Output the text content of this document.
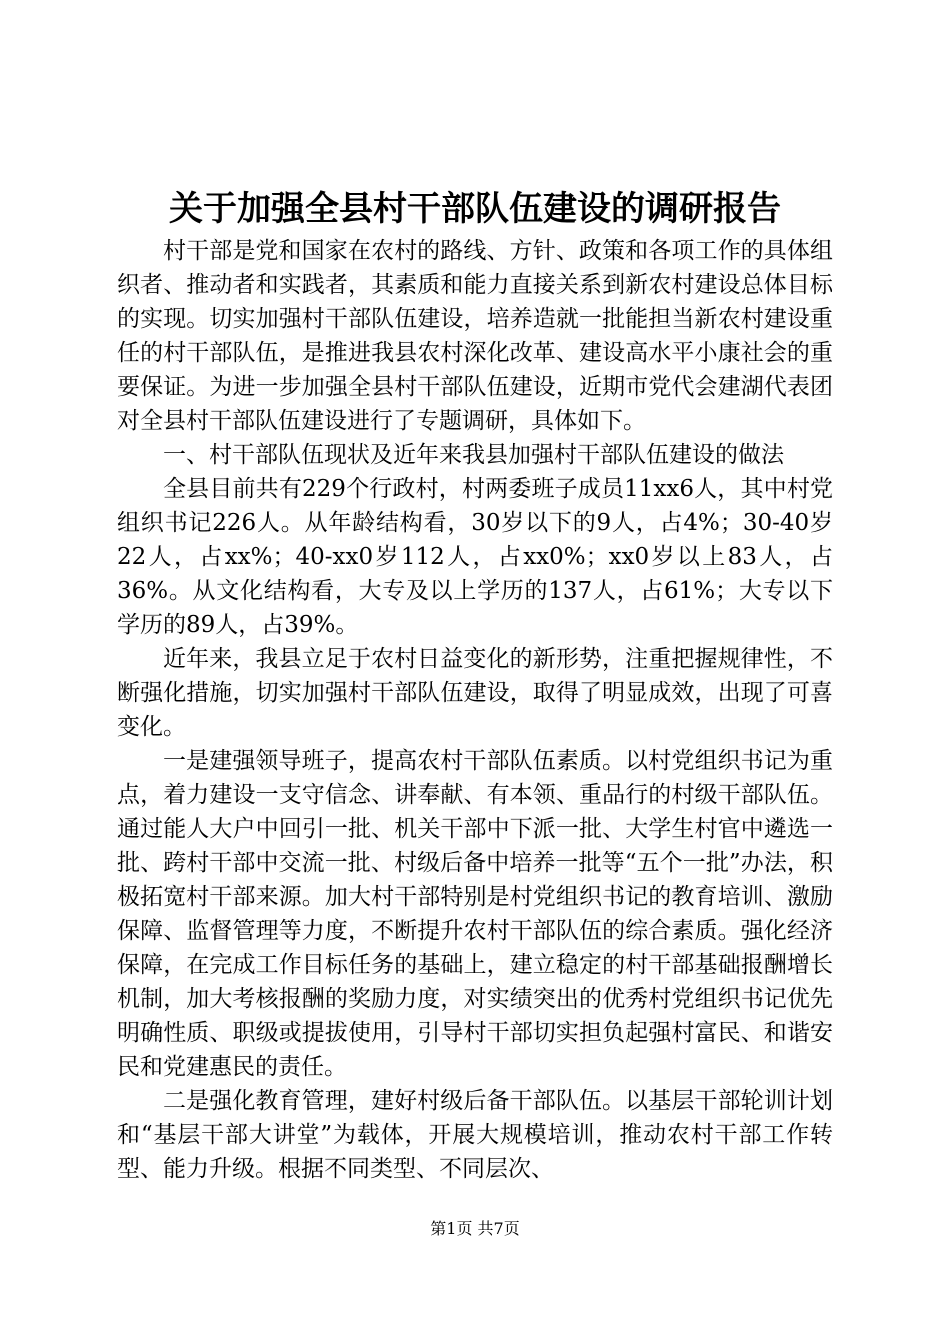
关于加强全县村干部队伍建设的调研报告

村干部是党和国家在农村的路线、方针、政策和各项工作的具体组织者、推动者和实践者，其素质和能力直接关系到新农村建设总体目标的实现。切实加强村干部队伍建设，培养造就一批能担当新农村建设重任的村干部队伍，是推进我县农村深化改革、建设高水平小康社会的重要保证。为进一步加强全县村干部队伍建设，近期市党代会建湖代表团对全县村干部队伍建设进行了专题调研，具体如下。

一、村干部队伍现状及近年来我县加强村干部队伍建设的做法

全县目前共有229个行政村，村两委班子成员11xx6人，其中村党组织书记226人。从年龄结构看，30岁以下的9人，占4%；30-40岁22人，占xx%；40-xx0岁112人，占xx0%；xx0岁以上83人，占36%。从文化结构看，大专及以上学历的137人，占61%；大专以下学历的89人，占39%。

近年来，我县立足于农村日益变化的新形势，注重把握规律性，不断强化措施，切实加强村干部队伍建设，取得了明显成效，出现了可喜变化。

一是建强领导班子，提高农村干部队伍素质。以村党组织书记为重点，着力建设一支守信念、讲奉献、有本领、重品行的村级干部队伍。通过能人大户中回引一批、机关干部中下派一批、大学生村官中遴选一批、跨村干部中交流一批、村级后备中培养一批等“五个一批”办法，积极拓宽村干部来源。加大村干部特别是村党组织书记的教育培训、激励保障、监督管理等力度，不断提升农村干部队伍的综合素质。强化经济保障，在完成工作目标任务的基础上，建立稳定的村干部基础报酬增长机制，加大考核报酬的奖励力度，对实绩突出的优秀村党组织书记优先明确性质、职级或提拔使用，引导村干部切实担负起强村富民、和谐安民和党建惠民的责任。

二是强化教育管理，建好村级后备干部队伍。以基层干部轮训计划和“基层干部大讲堂”为载体，开展大规模培训，推动农村干部工作转型、能力升级。根据不同类型、不同层次、

第1页 共7页
